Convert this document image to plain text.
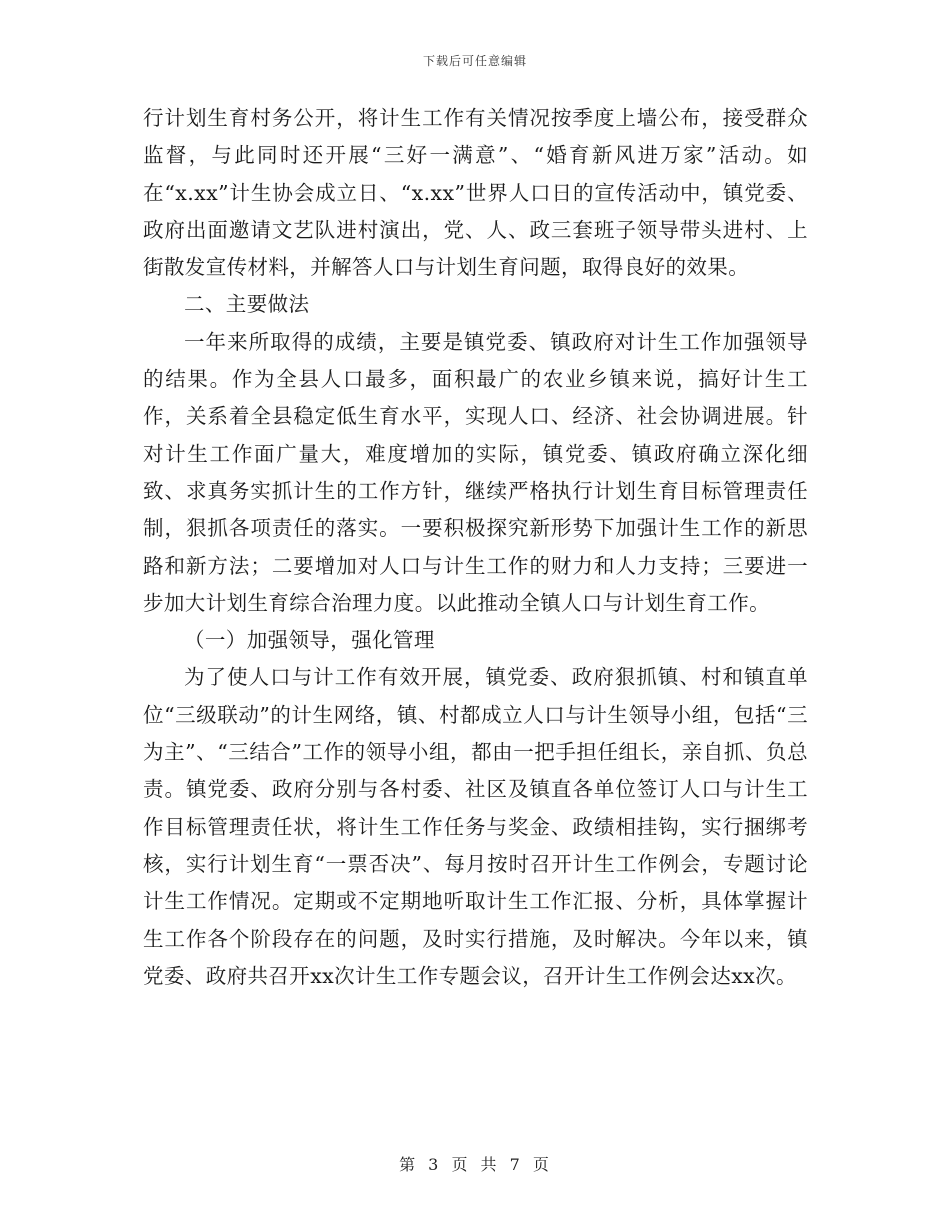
下载后可任意编辑

行计划生育村务公开，将计生工作有关情况按季度上墙公布，接受群众监督，与此同时还开展“三好一满意”、“婚育新风进万家”活动。如在“x.xx”计生协会成立日、“x.xx”世界人口日的宣传活动中，镇党委、政府出面邀请文艺队进村演出，党、人、政三套班子领导带头进村、上街散发宣传材料，并解答人口与计划生育问题，取得良好的效果。

二、主要做法

一年来所取得的成绩，主要是镇党委、镇政府对计生工作加强领导的结果。作为全县人口最多，面积最广的农业乡镇来说，搞好计生工作，关系着全县稳定低生育水平，实现人口、经济、社会协调进展。针对计生工作面广量大，难度增加的实际，镇党委、镇政府确立深化细致、求真务实抓计生的工作方针，继续严格执行计划生育目标管理责任制，狠抓各项责任的落实。一要积极探究新形势下加强计生工作的新思路和新方法；二要增加对人口与计生工作的财力和人力支持；三要进一步加大计划生育综合治理力度。以此推动全镇人口与计划生育工作。

（一）加强领导，强化管理

为了使人口与计工作有效开展，镇党委、政府狠抓镇、村和镇直单位“三级联动”的计生网络，镇、村都成立人口与计生领导小组，包括“三为主”、“三结合”工作的领导小组，都由一把手担任组长，亲自抓、负总责。镇党委、政府分别与各村委、社区及镇直各单位签订人口与计生工作目标管理责任状，将计生工作任务与奖金、政绩相挂钩，实行捆绑考核，实行计划生育“一票否决”、每月按时召开计生工作例会，专题讨论计生工作情况。定期或不定期地听取计生工作汇报、分析，具体掌握计生工作各个阶段存在的问题，及时实行措施，及时解决。今年以来，镇党委、政府共召开xx次计生工作专题会议，召开计生工作例会达xx次。

第 3 页 共 7 页
